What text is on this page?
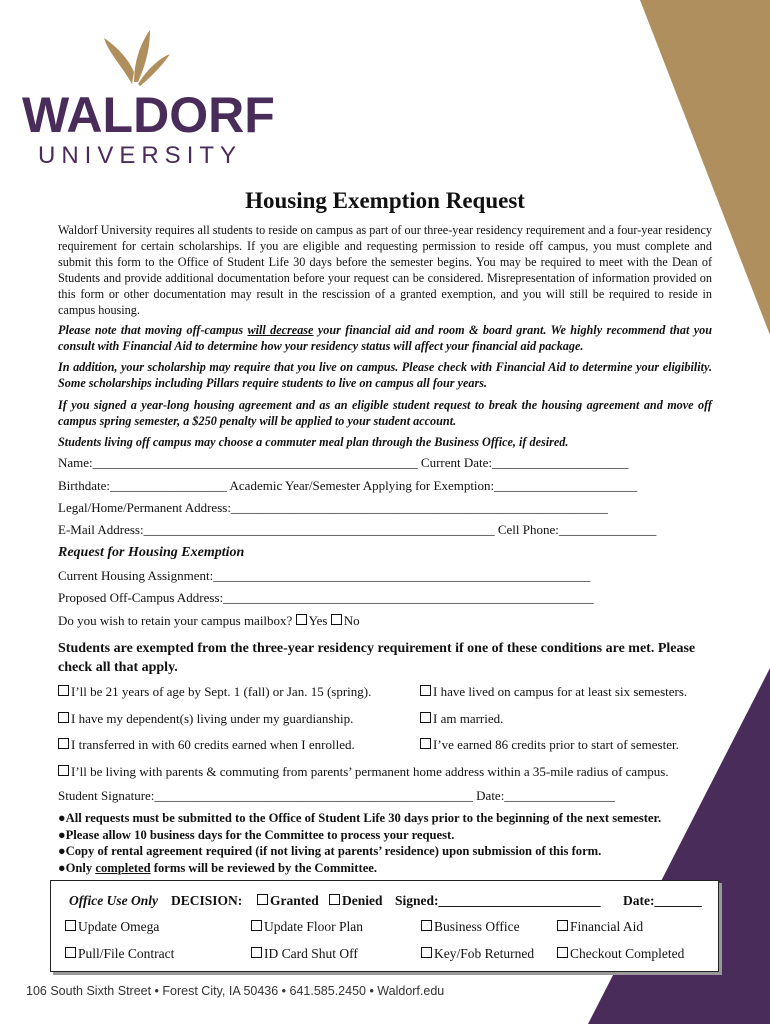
WALDORF
UNIVERSITY
Housing Exemption Request
Waldorf University requires all students to reside on campus as part of our three-year residency requirement and a four-year residency requirement for certain scholarships. If you are eligible and requesting permission to reside off campus, you must complete and submit this form to the Office of Student Life 30 days before the semester begins. You may be required to meet with the Dean of Students and provide additional documentation before your request can be considered. Misrepresentation of information provided on this form or other documentation may result in the rescission of a granted exemption, and you will still be required to reside in campus housing.
Please note that moving off-campus will decrease your financial aid and room & board grant. We highly recommend that you consult with Financial Aid to determine how your residency status will affect your financial aid package.
In addition, your scholarship may require that you live on campus. Please check with Financial Aid to determine your eligibility. Some scholarships including Pillars require students to live on campus all four years.
If you signed a year-long housing agreement and as an eligible student request to break the housing agreement and move off campus spring semester, a $250 penalty will be applied to your student account.
Students living off campus may choose a commuter meal plan through the Business Office, if desired.
Name:__________________________________________________ Current Date:_____________________
Birthdate:__________________ Academic Year/Semester Applying for Exemption:______________________
Legal/Home/Permanent Address:__________________________________________________________
E-Mail Address:______________________________________________________ Cell Phone:_______________
Request for Housing Exemption
Current Housing Assignment:__________________________________________________________
Proposed Off-Campus Address:_________________________________________________________
Do you wish to retain your campus mailbox? Yes No
Students are exempted from the three-year residency requirement if one of these conditions are met. Please check all that apply.
I’ll be 21 years of age by Sept. 1 (fall) or Jan. 15 (spring).	I have lived on campus for at least six semesters.
I have my dependent(s) living under my guardianship.	I am married.
I transferred in with 60 credits earned when I enrolled.	I’ve earned 86 credits prior to start of semester.
I’ll be living with parents & commuting from parents’ permanent home address within a 35-mile radius of campus.
Student Signature:_________________________________________________ Date:_________________
●All requests must be submitted to the Office of Student Life 30 days prior to the beginning of the next semester.
●Please allow 10 business days for the Committee to process your request.
●Copy of rental agreement required (if not living at parents’ residence) upon submission of this form.
●Only completed forms will be reviewed by the Committee.
Office Use Only DECISION:	Granted	Denied Signed:________________________ Date:_______
Update Omega	Update Floor Plan	Business Office	Financial Aid
Pull/File Contract	ID Card Shut Off	Key/Fob Returned	Checkout Completed
106 South Sixth Street • Forest City, IA 50436 • 641.585.2450 • Waldorf.edu
